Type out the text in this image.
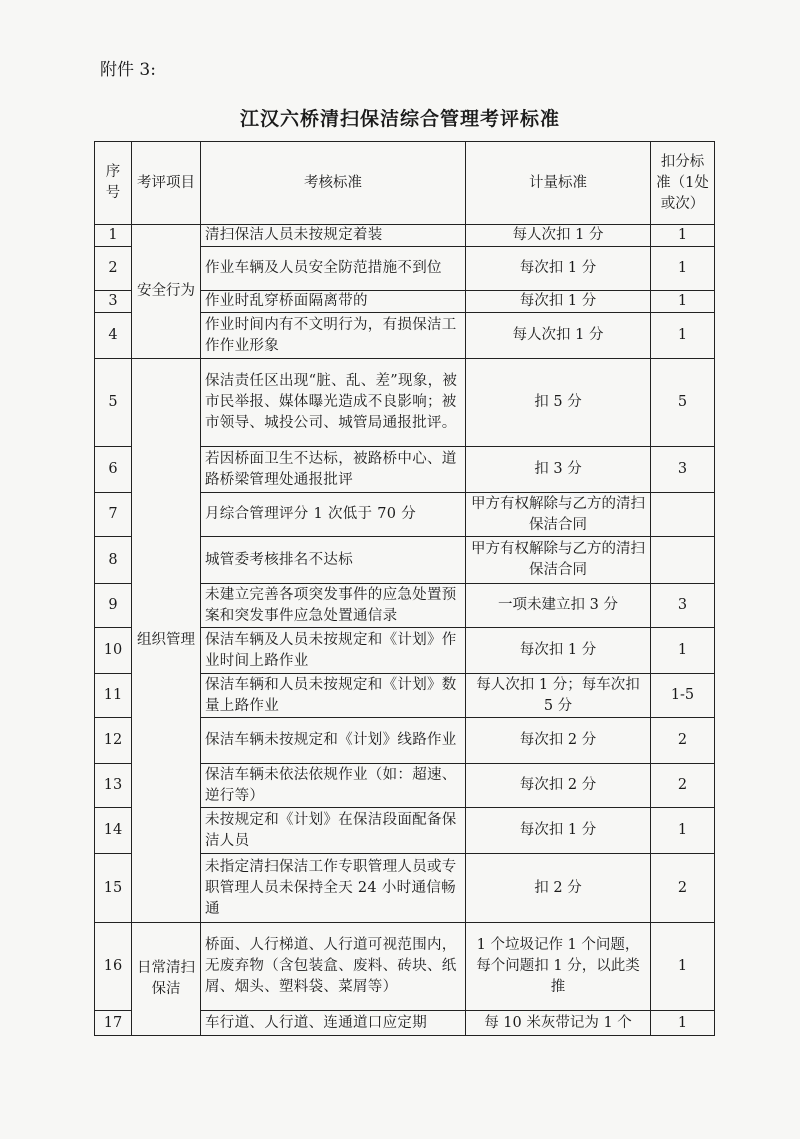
附件 3:
江汉六桥清扫保洁综合管理考评标准
序号	考评项目	考核标准	计量标准	扣分标准（1处或次）
1	安全行为	清扫保洁人员未按规定着装	每人次扣 1 分	1
2		作业车辆及人员安全防范措施不到位	每次扣 1 分	1
3		作业时乱穿桥面隔离带的	每次扣 1 分	1
4		作业时间内有不文明行为，有损保洁工作作业形象	每人次扣 1 分	1
5	组织管理	保洁责任区出现“脏、乱、差”现象，被市民举报、媒体曝光造成不良影响；被市领导、城投公司、城管局通报批评。	扣 5 分	5
6		若因桥面卫生不达标，被路桥中心、道路桥梁管理处通报批评	扣 3 分	3
7		月综合管理评分 1 次低于 70 分	甲方有权解除与乙方的清扫保洁合同	
8		城管委考核排名不达标	甲方有权解除与乙方的清扫保洁合同	
9		未建立完善各项突发事件的应急处置预案和突发事件应急处置通信录	一项未建立扣 3 分	3
10		保洁车辆及人员未按规定和《计划》作业时间上路作业	每次扣 1 分	1
11		保洁车辆和人员未按规定和《计划》数量上路作业	每人次扣 1 分；每车次扣 5 分	1-5
12		保洁车辆未按规定和《计划》线路作业	每次扣 2 分	2
13		保洁车辆未依法依规作业（如：超速、逆行等）	每次扣 2 分	2
14		未按规定和《计划》在保洁段面配备保洁人员	每次扣 1 分	1
15		未指定清扫保洁工作专职管理人员或专职管理人员未保持全天 24 小时通信畅通	扣 2 分	2
16	日常清扫保洁	桥面、人行梯道、人行道可视范围内，无废弃物（含包装盒、废料、砖块、纸屑、烟头、塑料袋、菜屑等）	1 个垃圾记作 1 个问题，每个问题扣 1 分，以此类推	1
17		车行道、人行道、连通道口应定期	每 10 米灰带记为 1 个	1
